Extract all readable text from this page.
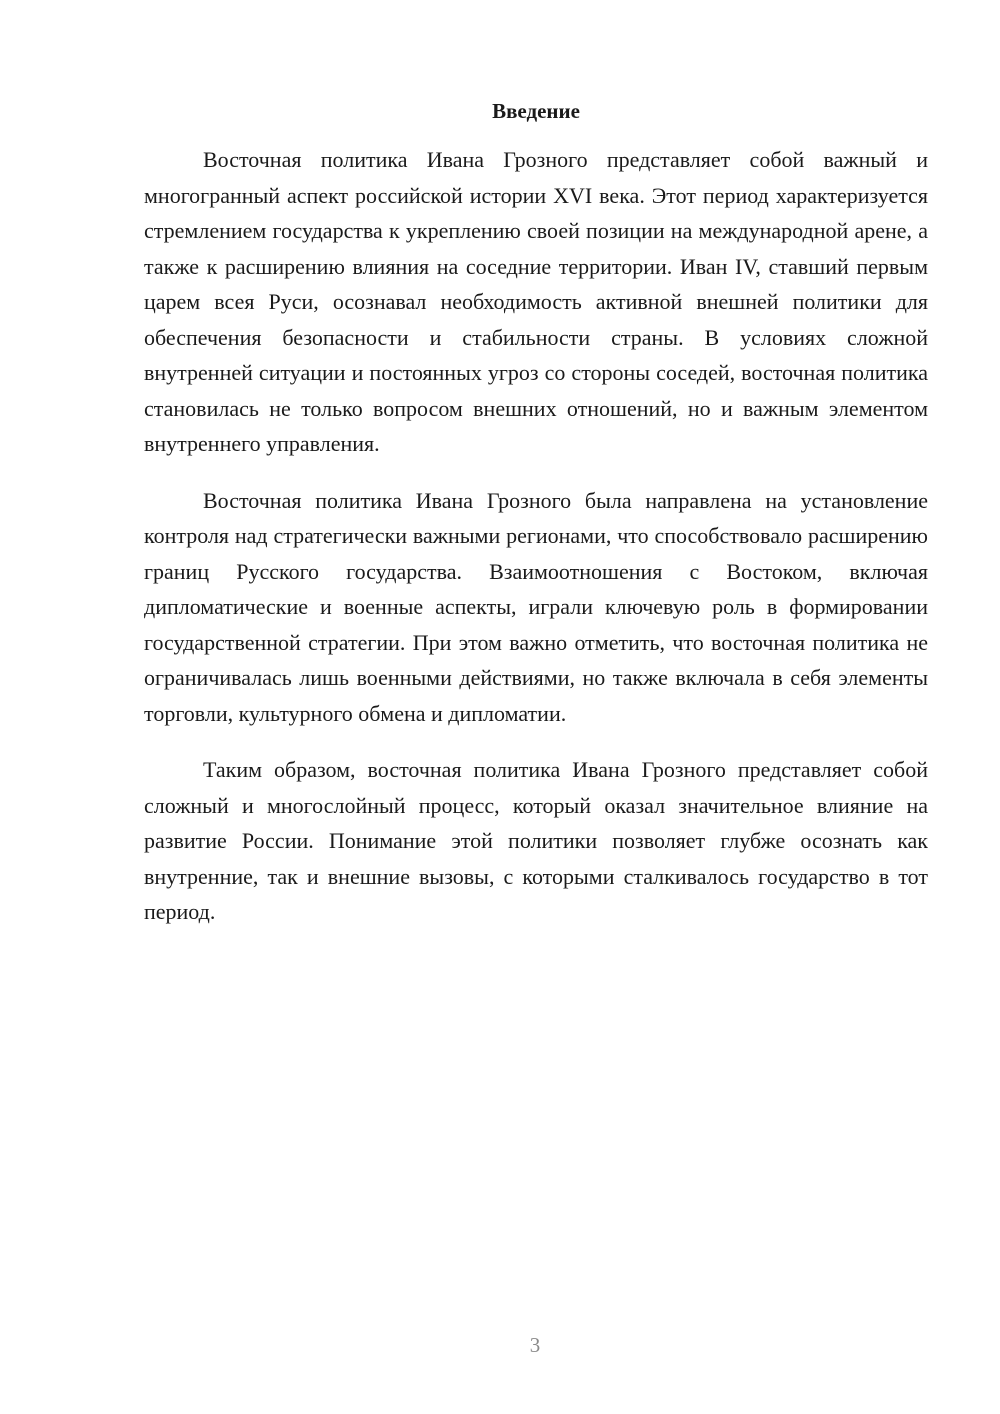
Введение

Восточная политика Ивана Грозного представляет собой важный и многогранный аспект российской истории XVI века. Этот период характеризуется стремлением государства к укреплению своей позиции на международной арене, а также к расширению влияния на соседние территории. Иван IV, ставший первым царем всея Руси, осознавал необходимость активной внешней политики для обеспечения безопасности и стабильности страны. В условиях сложной внутренней ситуации и постоянных угроз со стороны соседей, восточная политика становилась не только вопросом внешних отношений, но и важным элементом внутреннего управления.

Восточная политика Ивана Грозного была направлена на установление контроля над стратегически важными регионами, что способствовало расширению границ Русского государства. Взаимоотношения с Востоком, включая дипломатические и военные аспекты, играли ключевую роль в формировании государственной стратегии. При этом важно отметить, что восточная политика не ограничивалась лишь военными действиями, но также включала в себя элементы торговли, культурного обмена и дипломатии.

Таким образом, восточная политика Ивана Грозного представляет собой сложный и многослойный процесс, который оказал значительное влияние на развитие России. Понимание этой политики позволяет глубже осознать как внутренние, так и внешние вызовы, с которыми сталкивалось государство в тот период.

3
